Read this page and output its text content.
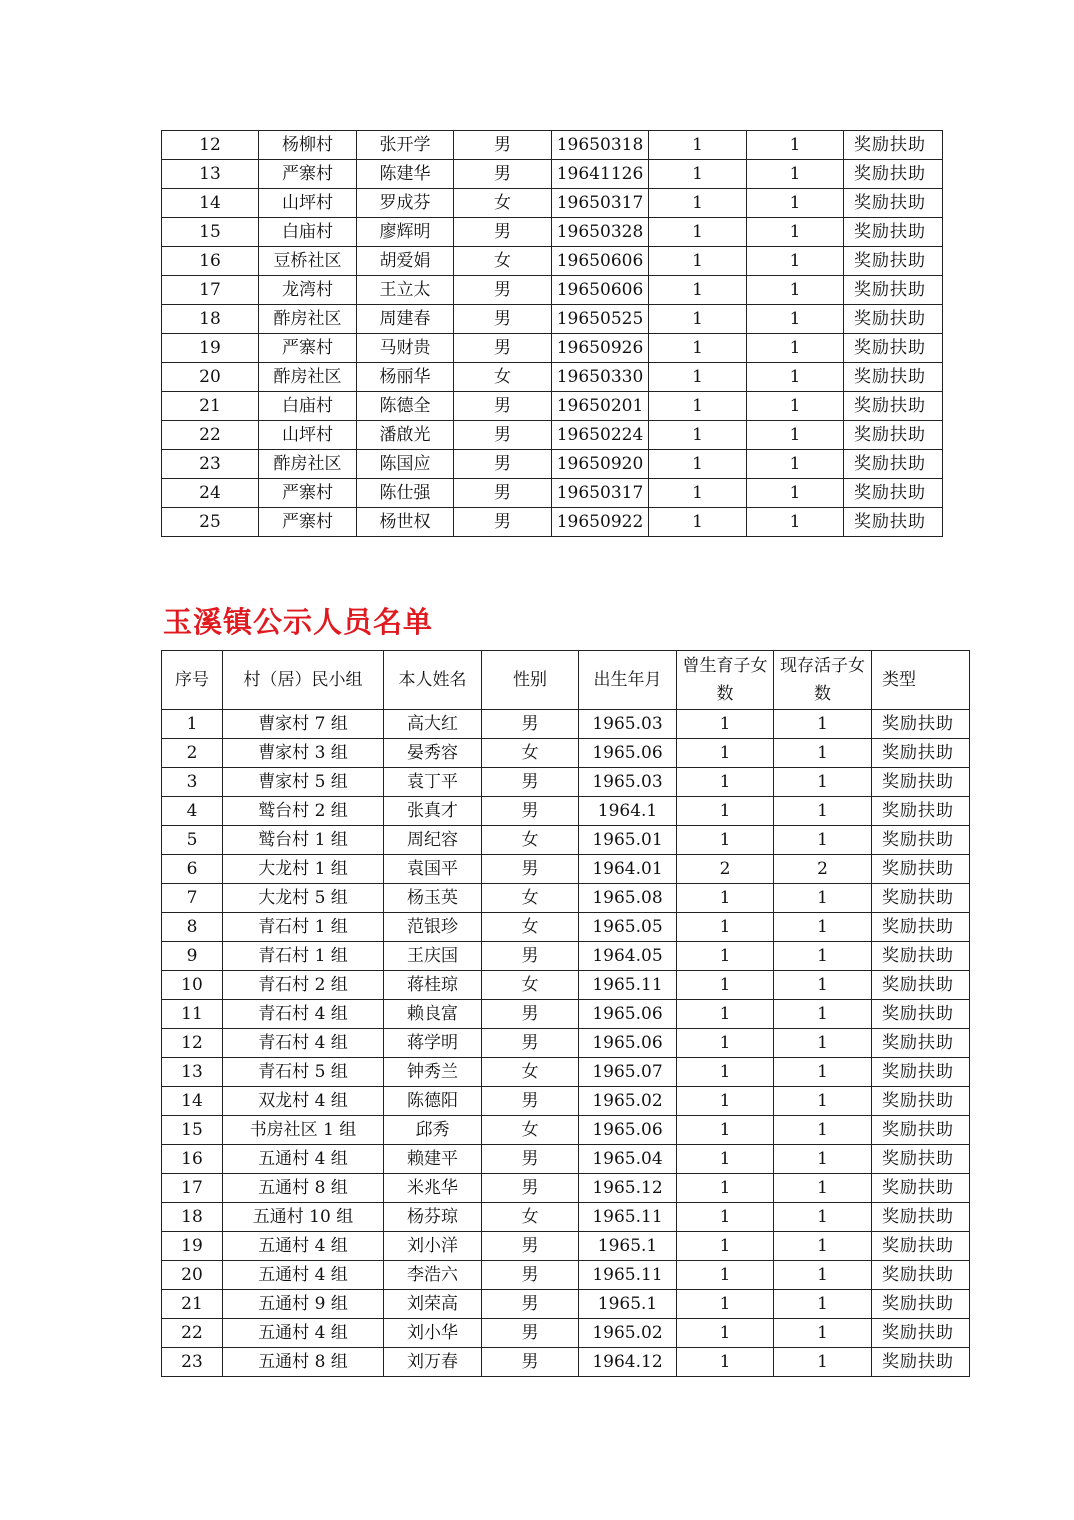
12	杨柳村	张开学	男	19650318	1	1	奖励扶助
13	严寨村	陈建华	男	19641126	1	1	奖励扶助
14	山坪村	罗成芬	女	19650317	1	1	奖励扶助
15	白庙村	廖辉明	男	19650328	1	1	奖励扶助
16	豆桥社区	胡爱娟	女	19650606	1	1	奖励扶助
17	龙湾村	王立太	男	19650606	1	1	奖励扶助
18	酢房社区	周建春	男	19650525	1	1	奖励扶助
19	严寨村	马财贵	男	19650926	1	1	奖励扶助
20	酢房社区	杨丽华	女	19650330	1	1	奖励扶助
21	白庙村	陈德全	男	19650201	1	1	奖励扶助
22	山坪村	潘啟光	男	19650224	1	1	奖励扶助
23	酢房社区	陈国应	男	19650920	1	1	奖励扶助
24	严寨村	陈仕强	男	19650317	1	1	奖励扶助
25	严寨村	杨世权	男	19650922	1	1	奖励扶助
玉溪镇公示人员名单
序号	村（居）民小组	本人姓名	性别	出生年月	曾生育子女数	现存活子女数	类型
1	曹家村 7 组	高大红	男	1965.03	1	1	奖励扶助
2	曹家村 3 组	晏秀容	女	1965.06	1	1	奖励扶助
3	曹家村 5 组	袁丁平	男	1965.03	1	1	奖励扶助
4	鹫台村 2 组	张真才	男	1964.1	1	1	奖励扶助
5	鹫台村 1 组	周纪容	女	1965.01	1	1	奖励扶助
6	大龙村 1 组	袁国平	男	1964.01	2	2	奖励扶助
7	大龙村 5 组	杨玉英	女	1965.08	1	1	奖励扶助
8	青石村 1 组	范银珍	女	1965.05	1	1	奖励扶助
9	青石村 1 组	王庆国	男	1964.05	1	1	奖励扶助
10	青石村 2 组	蒋桂琼	女	1965.11	1	1	奖励扶助
11	青石村 4 组	赖良富	男	1965.06	1	1	奖励扶助
12	青石村 4 组	蒋学明	男	1965.06	1	1	奖励扶助
13	青石村 5 组	钟秀兰	女	1965.07	1	1	奖励扶助
14	双龙村 4 组	陈德阳	男	1965.02	1	1	奖励扶助
15	书房社区 1 组	邱秀	女	1965.06	1	1	奖励扶助
16	五通村 4 组	赖建平	男	1965.04	1	1	奖励扶助
17	五通村 8 组	米兆华	男	1965.12	1	1	奖励扶助
18	五通村 10 组	杨芬琼	女	1965.11	1	1	奖励扶助
19	五通村 4 组	刘小洋	男	1965.1	1	1	奖励扶助
20	五通村 4 组	李浩六	男	1965.11	1	1	奖励扶助
21	五通村 9 组	刘荣高	男	1965.1	1	1	奖励扶助
22	五通村 4 组	刘小华	男	1965.02	1	1	奖励扶助
23	五通村 8 组	刘万春	男	1964.12	1	1	奖励扶助
